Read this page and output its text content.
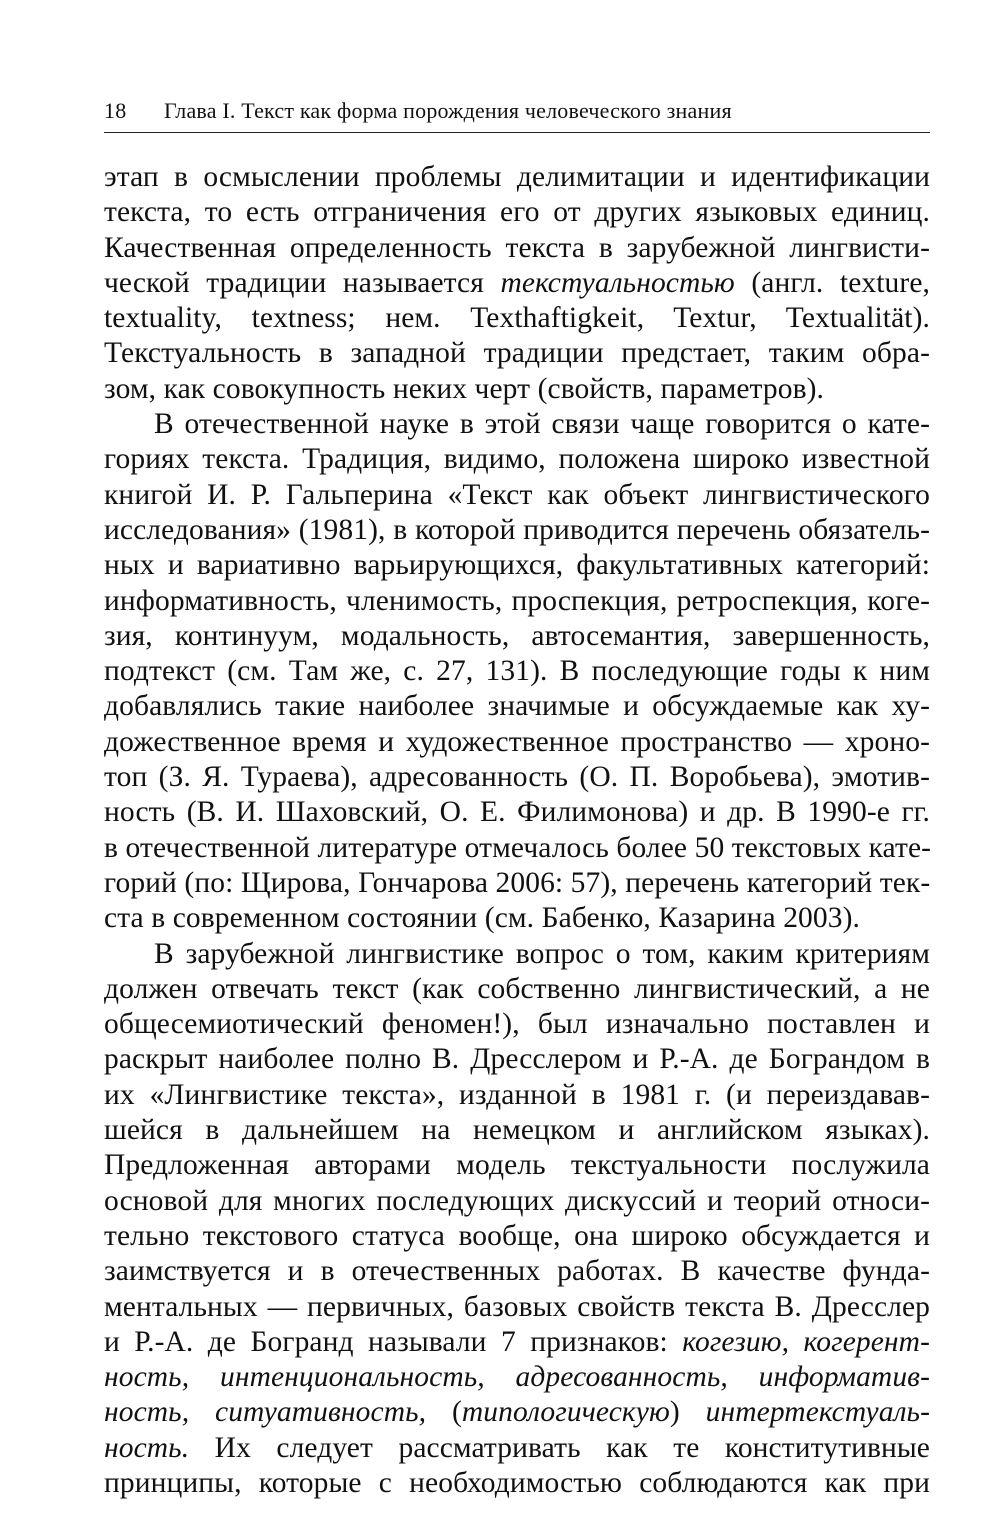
18 Глава I. Текст как форма порождения человеческого знания
этап в осмыслении проблемы делимитации и идентификации
текста, то есть отграничения его от других языковых единиц.
Качественная определенность текста в зарубежной лингвисти-
ческой традиции называется текстуальностью (англ. texture,
textuality, textness; нем. Texthaftigkeit, Textur, Textualität).
Текстуальность в западной традиции предстает, таким обра-
зом, как совокупность неких черт (свойств, параметров).
В отечественной науке в этой связи чаще говорится о кате-
гориях текста. Традиция, видимо, положена широко известной
книгой И. Р. Гальперина «Текст как объект лингвистического
исследования» (1981), в которой приводится перечень обязатель-
ных и вариативно варьирующихся, факультативных категорий:
информативность, членимость, проспекция, ретроспекция, коге-
зия, континуум, модальность, автосемантия, завершенность,
подтекст (см. Там же, с. 27, 131). В последующие годы к ним
добавлялись такие наиболее значимые и обсуждаемые как ху-
дожественное время и художественное пространство — хроно-
топ (З. Я. Тураева), адресованность (О. П. Воробьева), эмотив-
ность (В. И. Шаховский, О. Е. Филимонова) и др. В 1990-е гг.
в отечественной литературе отмечалось более 50 текстовых кате-
горий (по: Щирова, Гончарова 2006: 57), перечень категорий тек-
ста в современном состоянии (см. Бабенко, Казарина 2003).
В зарубежной лингвистике вопрос о том, каким критериям
должен отвечать текст (как собственно лингвистический, а не
общесемиотический феномен!), был изначально поставлен и
раскрыт наиболее полно В. Дресслером и Р.-А. де Бограндом в
их «Лингвистике текста», изданной в 1981 г. (и переиздавав-
шейся в дальнейшем на немецком и английском языках).
Предложенная авторами модель текстуальности послужила
основой для многих последующих дискуссий и теорий относи-
тельно текстового статуса вообще, она широко обсуждается и
заимствуется и в отечественных работах. В качестве фунда-
ментальных — первичных, базовых свойств текста В. Дресслер
и Р.-А. де Богранд называли 7 признаков: когезию, когерент-
ность, интенциональность, адресованность, информатив-
ность, ситуативность, (типологическую) интертекстуаль-
ность. Их следует рассматривать как те конститутивные
принципы, которые с необходимостью соблюдаются как при
